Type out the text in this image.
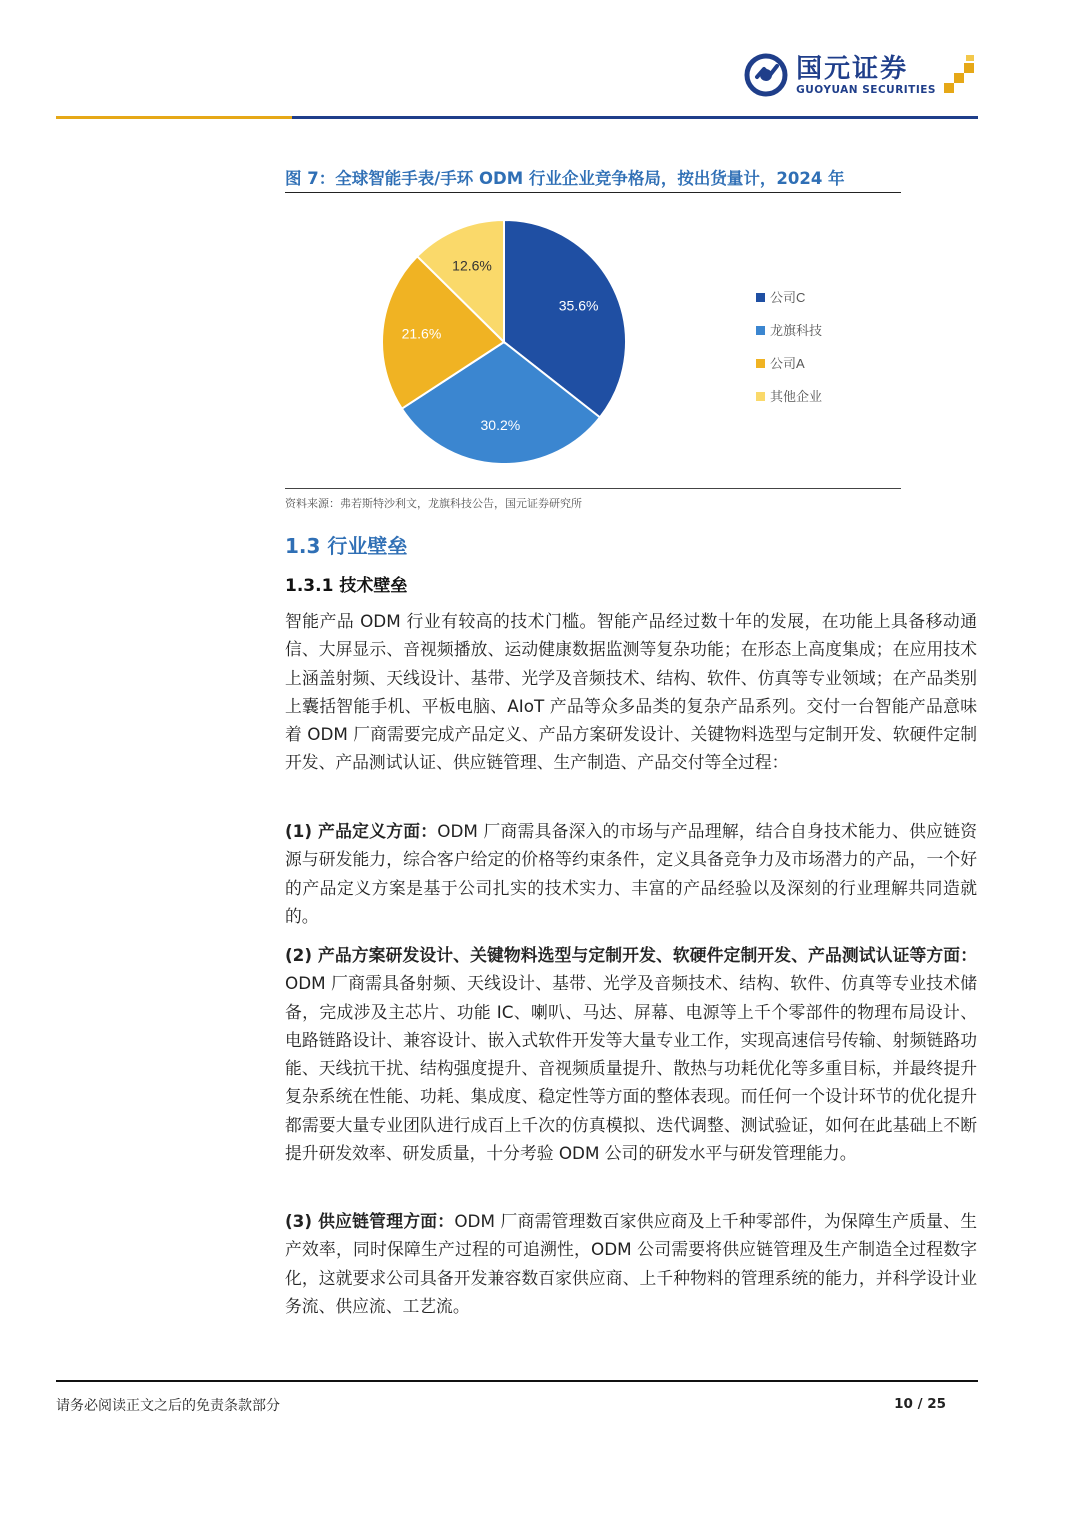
国元证券
GUOYUAN SECURITIES
图 7：全球智能手表/手环 ODM 行业企业竞争格局，按出货量计，2024 年
35.6%
30.2%
21.6%
12.6%
公司C
龙旗科技
公司A
其他企业
资料来源：弗若斯特沙利文，龙旗科技公告，国元证券研究所
1.3 行业壁垒
1.3.1 技术壁垒
智能产品 ODM 行业有较高的技术门槛。智能产品经过数十年的发展，在功能上具备移动通信、大屏显示、音视频播放、运动健康数据监测等复杂功能；在形态上高度集成；在应用技术上涵盖射频、天线设计、基带、光学及音频技术、结构、软件、仿真等专业领域；在产品类别上囊括智能手机、平板电脑、AIoT 产品等众多品类的复杂产品系列。交付一台智能产品意味着 ODM 厂商需要完成产品定义、产品方案研发设计、关键物料选型与定制开发、软硬件定制开发、产品测试认证、供应链管理、生产制造、产品交付等全过程：
(1) 产品定义方面：ODM 厂商需具备深入的市场与产品理解，结合自身技术能力、供应链资源与研发能力，综合客户给定的价格等约束条件，定义具备竞争力及市场潜力的产品，一个好的产品定义方案是基于公司扎实的技术实力、丰富的产品经验以及深刻的行业理解共同造就的。
(2) 产品方案研发设计、关键物料选型与定制开发、软硬件定制开发、产品测试认证等方面：ODM 厂商需具备射频、天线设计、基带、光学及音频技术、结构、软件、仿真等专业技术储备，完成涉及主芯片、功能 IC、喇叭、马达、屏幕、电源等上千个零部件的物理布局设计、电路链路设计、兼容设计、嵌入式软件开发等大量专业工作，实现高速信号传输、射频链路功能、天线抗干扰、结构强度提升、音视频质量提升、散热与功耗优化等多重目标，并最终提升复杂系统在性能、功耗、集成度、稳定性等方面的整体表现。而任何一个设计环节的优化提升都需要大量专业团队进行成百上千次的仿真模拟、迭代调整、测试验证，如何在此基础上不断提升研发效率、研发质量，十分考验 ODM 公司的研发水平与研发管理能力。
(3) 供应链管理方面：ODM 厂商需管理数百家供应商及上千种零部件，为保障生产质量、生产效率，同时保障生产过程的可追溯性，ODM 公司需要将供应链管理及生产制造全过程数字化，这就要求公司具备开发兼容数百家供应商、上千种物料的管理系统的能力，并科学设计业务流、供应流、工艺流。
请务必阅读正文之后的免责条款部分	10 / 25
